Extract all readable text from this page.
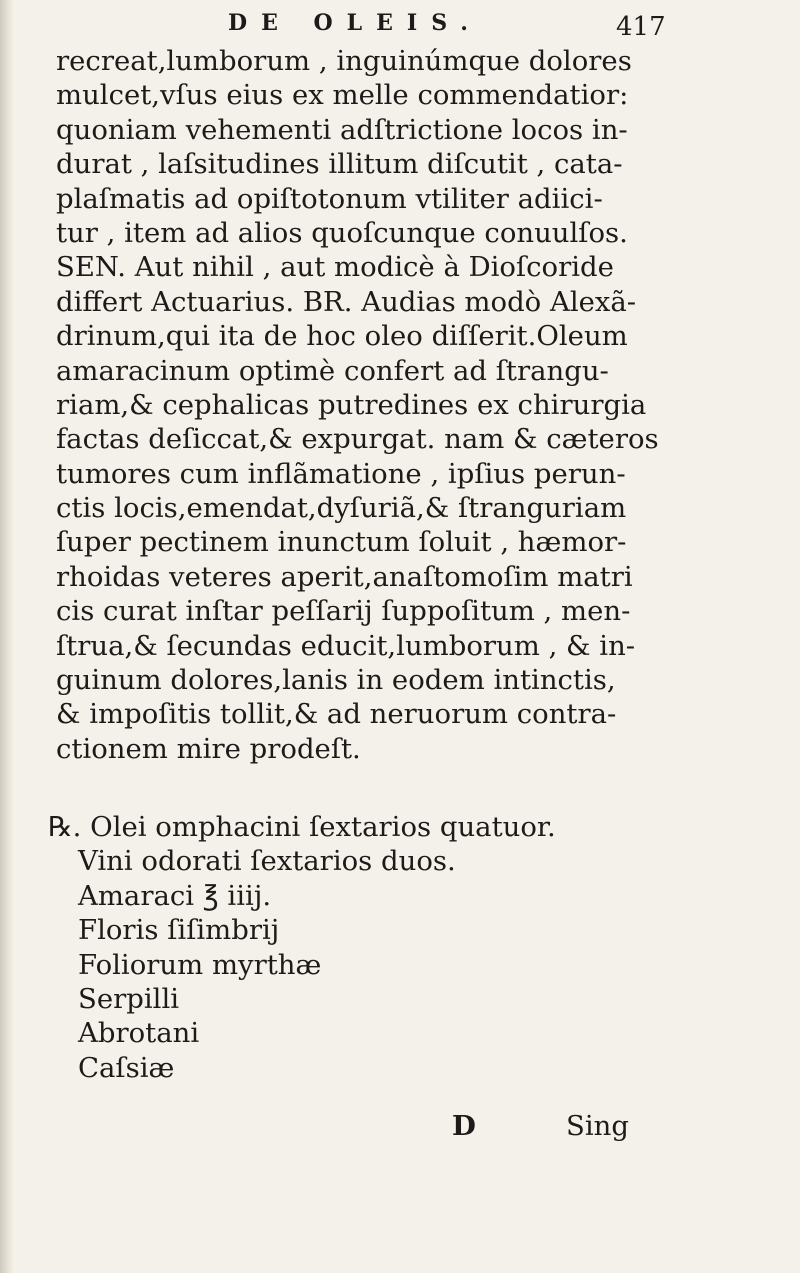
DE OLEIS.	417
recreat,lumborum , inguinúmque dolores
mulcet,vſus eius ex melle commendatior:
quoniam vehementi adſtrictione locos in-
durat , laſsitudines illitum diſcutit , cata-
plaſmatis ad opiſtotonum vtiliter adiici-
tur , item ad alios quoſcunque conuulſos.
SEN. Aut nihil , aut modicè à Dioſcoride
differt Actuarius. BR. Audias modò Alexã-
drinum,qui ita de hoc oleo diſſerit.Oleum
amaracinum optimè confert ad ſtrangu-
riam,& cephalicas putredines ex chirurgia
factas deſiccat,& expurgat. nam & cæteros
tumores cum inflãmatione , ipſius perun-
ctis locis,emendat,dyſuriã,& ſtranguriam
ſuper pectinem inunctum ſoluit , hæmor-
rhoidas veteres aperit,anaſtomoſim matri
cis curat inſtar peſſarij ſuppoſitum , men-
ſtrua,& ſecundas educit,lumborum , & in-
guinum dolores,lanis in eodem intinctis,
& impoſitis tollit,& ad neruorum contra-
ctionem mire prodeſt.
℞. Olei omphacini ſextarios quatuor.
Vini odorati ſextarios duos.
Amaraci ℥ iiij.
Floris ſiſimbrij
Foliorum myrthæ
Serpilli
Abrotani
Caſsiæ
D	Sing
